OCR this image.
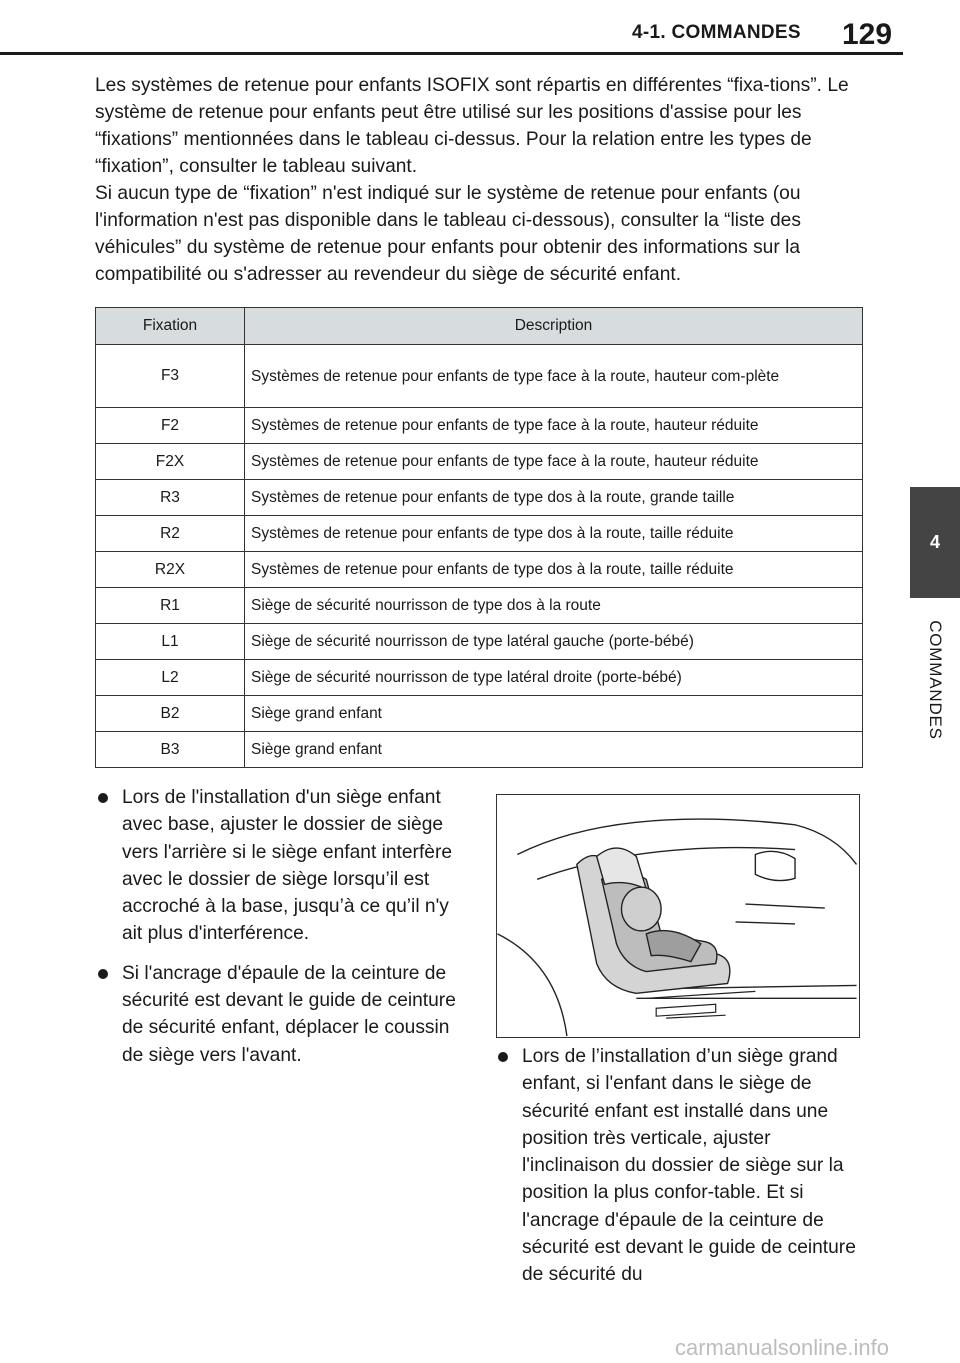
4-1. COMMANDES 129
4
COMMANDES

Les systèmes de retenue pour enfants ISOFIX sont répartis en différentes “fixa-tions”. Le système de retenue pour enfants peut être utilisé sur les positions d'assise pour les “fixations” mentionnées dans le tableau ci-dessus. Pour la relation entre les types de “fixation”, consulter le tableau suivant.

Si aucun type de “fixation” n'est indiqué sur le système de retenue pour enfants (ou l'information n'est pas disponible dans le tableau ci-dessous), consulter la “liste des véhicules” du système de retenue pour enfants pour obtenir des informations sur la compatibilité ou s'adresser au revendeur du siège de sécurité enfant.

Fixation	Description
F3	Systèmes de retenue pour enfants de type face à la route, hauteur com-plète
F2	Systèmes de retenue pour enfants de type face à la route, hauteur réduite
F2X	Systèmes de retenue pour enfants de type face à la route, hauteur réduite
R3	Systèmes de retenue pour enfants de type dos à la route, grande taille
R2	Systèmes de retenue pour enfants de type dos à la route, taille réduite
R2X	Systèmes de retenue pour enfants de type dos à la route, taille réduite
R1	Siège de sécurité nourrisson de type dos à la route
L1	Siège de sécurité nourrisson de type latéral gauche (porte-bébé)
L2	Siège de sécurité nourrisson de type latéral droite (porte-bébé)
B2	Siège grand enfant
B3	Siège grand enfant
Lors de l'installation d'un siège enfant avec base, ajuster le dossier de siège vers l'arrière si le siège enfant interfère avec le dossier de siège lorsqu’il est accroché à la base, jusqu’à ce qu’il n'y ait plus d'interférence.
Si l'ancrage d'épaule de la ceinture de sécurité est devant le guide de ceinture de sécurité enfant, déplacer le coussin de siège vers l'avant.	Lors de l’installation d’un siège grand enfant, si l'enfant dans le siège de sécurité enfant est installé dans une position très verticale, ajuster l'inclinaison du dossier de siège sur la position la plus confor-table. Et si l'ancrage d'épaule de la ceinture de sécurité est devant le guide de ceinture de sécurité du
carmanualsonline.info
